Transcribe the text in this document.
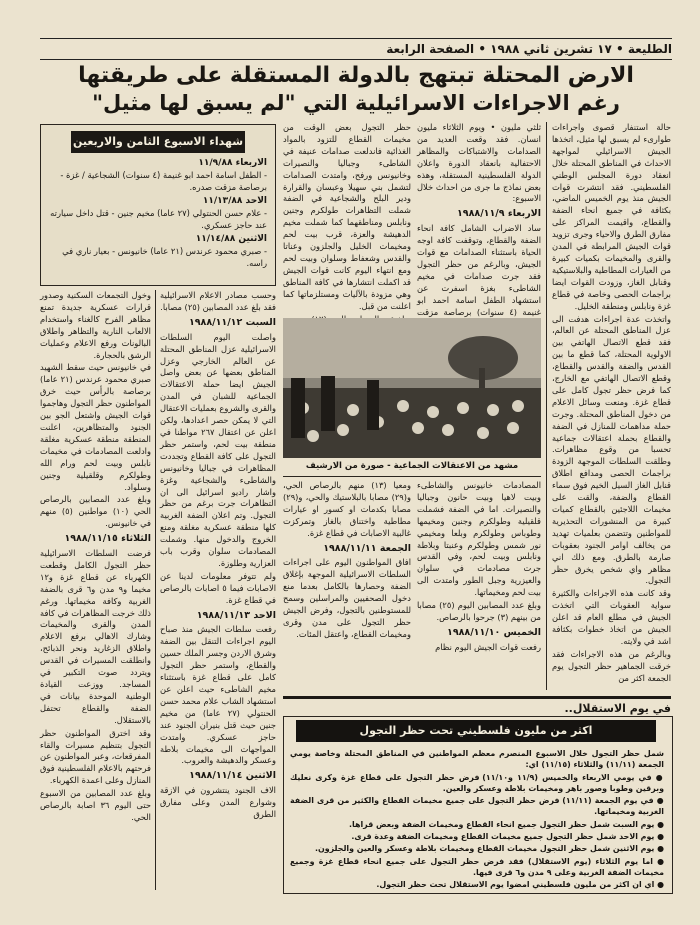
الطليعة • ١٧ تشرين ثاني ١٩٨٨ • الصفحة الرابعة
الارض المحتلة تبتهج بالدولة المستقلة على طريقتها
رغم الاجراءات الاسرائيلية التي "لم يسبق لها مثيل"

حالة استنفار قصوى واجراءات طوارىء لم يسبق لها مثيل، اتخذها الجيش الاسرائيلي لمواجهة الاحداث في المناطق المحتلة خلال انعقاد دورة المجلس الوطني الفلسطيني. فقد انتشرت قوات الجيش منذ يوم الخميس الماضي، بكثافة في جميع انحاء الضفة والقطاع، واقيمت المراكز على مفارق الطرق والاحياء وجرى تزويد قوات الجيش المرابطة في المدن والقرى والمخيمات بكميات كبيرة من العيارات المطاطية والبلاستيكية وقنابل الغاز، وزودت القوات ايضا براجمات الحصى وخاصة في قطاع غزة ونابلس ومنطقة الخليل.

واتخذت عدة اجراءات هدفت الى عزل المناطق المحتلة عن العالم، فقد قطع الاتصال الهاتفي بين الاولوية المحتلة، كما قطع ما بين القدس والضفة والقدس والقطاع، وقطع الاتصال الهاتفي مع الخارج، كما فرض حظر تجول كامل على قطاع غزة. ومنعت وسائل الاعلام من دخول المناطق المحتلة. وجرت حملة مداهمات للمنازل في الضفة والقطاع بحملة اعتقالات جماعية تحسبا من وقوع مظاهرات. وطلقت السلطات الموجهة الزودة براجمات الحصى ومدافع اطلاق قنابل الغاز السيل الخيم فوق سماء القطاع والضفة، والقت على مخيمات اللاجئين بالقطاع كميات كبيرة من المنشورات التحذيرية للمواطنين وتتضمن بعلميات تهديد من يخالف اوامر الجنود بعقوبات صارمة بالطرق. ومع ذلك اني مظاهر واي شخص يخرق حظر التجول.

وقد كانت هذه الاجراءات والكثيرة سواية العقوبات التي اتخذت الجيش في مطلع العام قد اعلن الجيش من اتخاذ خطوات بكثافة اشد في ولايته.

وبالرغم من هذه الاجراءات فقد خرقت الجماهير حظر التجول يوم الجمعة اكثر من

ثلثي مليون • ويوم الثلاثاء مليون انسان. فقد وقعت العديد من الصدامات والاشتباكات والمظاهر الاحتفالية بانعقاد الدورة واعلان الدولة الفلسطينية المستقلة، وهذه بعض نماذج ما جرى من احداث خلال الاسبوع:

الاربعاء ١٩٨٨/١١/٩

ساد الاضراب الشامل كافة انحاء الضفة والقطاع، وتوقفت كافة اوجه الحياة باستثناء الصدامات مع قوات الجيش، وبالرغم من حظر التجول فقد جرت صدامات في مخيم الشاطىء بغزة اسفرت عن استشهاد الطفل اسامة احمد ابو غنيمة (٤ سنوات) برصاصة مزقت

حظر التجول بعض الوقت من مخيمات القطاع للتزود بالمواد الغذائية فاندلعت صدامات عنيفة في الشاطىء وجباليا والنصيرات وخانيونس ورفح، وامتدت الصدامات لتشمل بني سهيلا وعبسان والقرارة ودير البلح والشجاعية في الضفة شملت التظاهرات طولكرم وجنين ونابلس ومناطقهما كما شملت مخيم الدهيشة والعزة، قرب بيت لحم ومخيمات الخليل والجلزون وعناتا والقدس وشعفاط وسلوان وبيت لحم ومع انتهاء اليوم كانت قوات الجيش قد اكملت انتشارها في كافة المناطق وهي مزودة بالآليات ومستلزماتها كما اعلنت من قبل.

شهداء الاسبوع الثامن والاربعين
الاربعاء ١١/٩/٨٨
- الطفل اسامة احمد ابو غنيمة (٤ سنوات) الشجاعية / غزة - برصاصة مزقت صدره.
الاحد ١١/١٣/٨٨
- علام حسن الحنتولي (٢٧ عاما) مخيم جنين - قتل داخل سيارته عند حاجز عسكري.
الاثنين ١١/١٤/٨٨
- صبري محمود عرندس (٢١ عاما) خانيونس - بعيار ناري في راسه.
مشهد من الاعتقالات الجماعية - صورة من الارشيف

المصادمات خانيونس والشاطىء وبيت لاهيا وبيت حانون وجباليا والنصيرات. اما في الضفة فشملت قلقيلية وطولكرم وجنين ومخيمها وطوباس وطولكرم وبلعا ومخيمي نور شمس وطولكرم وعنبتا وبلاطة ونابلس وبيت لحم، وفي القدس جرت مصادمات في سلوان والعيزرية وجبل الطور وامتدت الى بيت لحم ومخيماتها.

وبلغ عدد المصابين اليوم (٢٥) مصابا من بينهم (٣) جرحوا بالرصاص.

الخميس ١٩٨٨/١١/١٠

رفعت قوات الجيش اليوم نظام

ومعيا (١٣) منهم بالرصاص الحي، و(٢٩) مصابا بالبلاستيك والحي، و(٢٩) مصابا بكدمات او كسور او عيارات مطاطية واختناق بالغاز وتمركزت غالبية الاصابات في قطاع غزة.

الجمعة ١٩٨٨/١١/١١

افاق المواطنون اليوم على اجراءات السلطات الاسرائيلية الموجهة بإغلاق الضفة وحصارها بالكامل بعدما منع دخول الصحفيين والمراسلين وسمح للمستوطنين بالتجول، وفرض الجيش حظر التجول على مدن وقرى ومخيمات القطاع، واعتقل المئات.

وحسب مصادر الاعلام الاسرائيلية فقد بلغ عدد المصابين (٢٥) مصابا.

السبت ١٩٨٨/١١/١٢

واصلت اليوم السلطات الاسرائيلية عزل المناطق المحتلة عن العالم الخارجي وعزل المناطق بعضها عن بعض واصل الجيش ايضا حملة الاعتقالات الجماعية للشبان في المدن والقرى والشروع بعمليات الاعتقال التي لا يمكن حصر اعدادها، ولكن اعلن عن اعتقال ٢٦٧ مواطنا في منطقة بيت لحم، واستمر حظر التجول على كافة القطاع وتجددت المظاهرات في جباليا وخانيونس والشاطىء والشجاعية وغزة واشار راديو اسرائيل الى ان التظاهرات جرت برغم من حظر التجول. وتم اعلان الضفة الغربية كلها منطقة عسكرية مغلقة ومنع الخروج والدخول منها. وشملت المصادمات سلوان وقرب باب العزارية وطلوزة.

ولم تتوفر معلومات لدينا عن الاصابات فيما ٥ اصابات بالرصاص في قطاع غزة.

الاحد ١٩٨٨/١١/١٣

رفعت سلطات الجيش منذ صباح اليوم اجراءات التنقل بين الضفة وشرق الاردن وجسر الملك حسين والقطاع، واستمر حظر التجول كامل على قطاع غزة باستثناء مخيم الشاطىء حيث اعلن عن استشهاد الشاب علام محمد حسن الحنتولي (٢٧ عاما) من مخيم جنين حيث قتل بنيران الجنود عند حاجز عسكري. وامتدت المواجهات الى مخيمات بلاطة وعسكر والدهيشة والعروب.

الاثنين ١٩٨٨/١١/١٤

الاف الجنود ينتشرون في الازقة وشوارع المدن وعلى مفارق الطرق

وخول التجمعات السكنية وصدور قرارات عسكرية جديدة تمنع مظاهر الفرح كالغناء واستخدام الالعاب النارية والتظاهر واطلاق البالونات ورفع الاعلام وعمليات الرشق بالحجارة.

في خانيونس حيث سقط الشهيد صبري محمود عرندس (٢١ عاما) برصاصة بالرأس حيث خرق المواطنون حظر التجول وهاجموا قوات الجيش واشتعل الجو بين الجنود والمتظاهرين، اعلنت المنطقة منطقة عسكرية مغلقة وادلعت المصادمات في مخيمات نابلس وبيت لحم ورام الله وطولكرم وقلقيلية وجنين وسلواد.

وبلغ عدد المصابين بالرصاص الحي (١٠) مواطنين (٥) منهم في خانيونس.

الثلاثاء ١٩٨٨/١١/١٥

فرضت السلطات الاسرائيلية حظر التجول الكامل وقطعت الكهرباء عن قطاع غزة و١٢ مخيما و٩ مدن و٦ قرى بالضفة الغربية وكافة مخيماتها. ورغم ذلك خرجت المظاهرات في كافة المدن والقرى والمخيمات وشارك الاهالي برفع الاعلام واطلاق الزغاريد ونحر الذبائح، وانطلقت المسيرات في القدس ويتردد صوت التكبير في المساجد. ووزعت القيادة الوطنية الموحدة بيانات في الضفة والقطاع تحتفل بالاستقلال.

وقد اخترق المواطنون حظر التجول بتنظيم مسيرات والقاء المفرقعات، وعبر المواطنون عن فرحتهم بالاعلام الفلسطينية فوق المنازل وعلى اعمدة الكهرباء.

وبلغ عدد المصابين من الاسبوع حتى اليوم ٣٦ اصابة بالرصاص الحي.

في يوم الاستقلال..
اكثر من مليون فلسطيني تحت حظر التجول

شمل حظر التجول خلال الاسبوع المنصرم معظم المواطنين في المناطق المحتلة وخاصة يومي الجمعة (١١/١١) والثلاثاء (١١/١٥) اي:

● في يومي الاربعاء والخميس (١١/٩ و١١/١٠) فرض حظر التجول على قطاع غزة وكرى نعليك وبرقين وطوبا وصور باهر ومخيمات بلاطة وعسكر والعين.

● في يوم الجمعة (١١/١١) فرض حظر التجول على جميع مخيمات القطاع والكثير من قرى الضفة الغربية ومخيماتها.

● يوم السبت شمل حظر التجول جميع انحاء القطاع ومخيمات الضفة وبعض قراها.

● يوم الاحد شمل حظر التجول جميع مخيمات القطاع ومخيمات الضفة وعدة قرى.

● يوم الاثنين شمل حظر التجول مخيمات القطاع ومخيمات بلاطة وعسكر والعين والجلزون.

● اما يوم الثلاثاء (يوم الاستقلال) فقد فرض حظر التجول على جميع انحاء قطاع غزة وجميع مخيمات الضفة الغربية وعلى ٩ مدن و٦ قرى فيها.

● اي ان اكثر من مليون فلسطيني امضوا يوم الاستقلال تحت حظر التجول.
